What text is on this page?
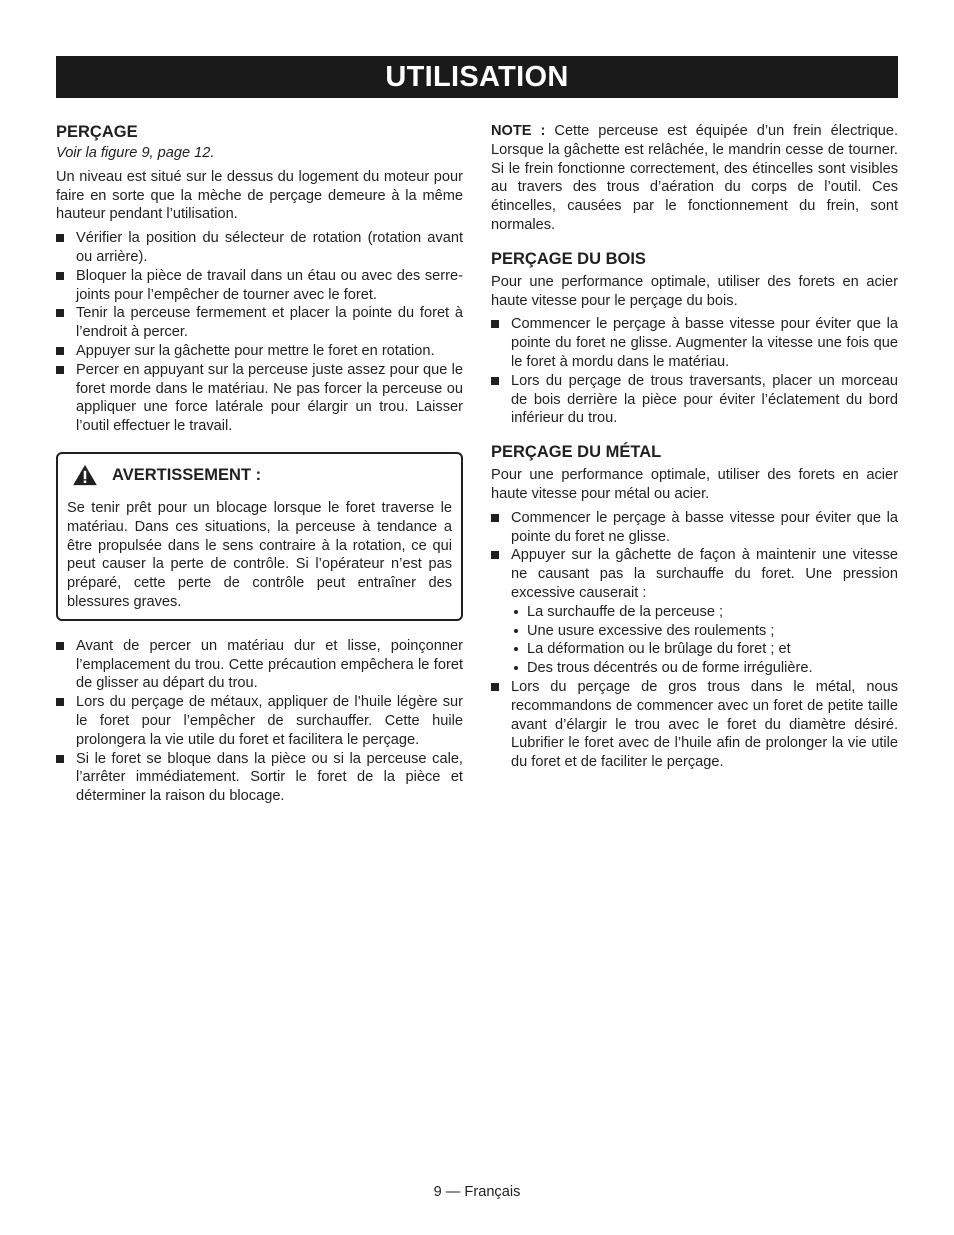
UTILISATION
PERÇAGE
Voir la figure 9, page 12.

Un niveau est situé sur le dessus du logement du moteur pour faire en sorte que la mèche de perçage demeure à la même hauteur pendant l’utilisation.

Vérifier la position du sélecteur de rotation (rotation avant ou arrière).
Bloquer la pièce de travail dans un étau ou avec des serre-joints pour l’empêcher de tourner avec le foret.
Tenir la perceuse fermement et placer la pointe du foret à l’endroit à percer.
Appuyer sur la gâchette pour mettre le foret en rotation.
Percer en appuyant sur la perceuse juste assez pour que le foret morde dans le matériau. Ne pas forcer la perceuse ou appliquer une force latérale pour élargir un trou. Laisser l’outil effectuer le travail.
AVERTISSEMENT :

Se tenir prêt pour un blocage lorsque le foret traverse le matériau. Dans ces situations, la perceuse à tendance a être propulsée dans le sens contraire à la rotation, ce qui peut causer la perte de contrôle. Si l’opérateur n’est pas préparé, cette perte de contrôle peut entraîner des blessures graves.

Avant de percer un matériau dur et lisse, poinçonner l’emplacement du trou. Cette précaution empêchera le foret de glisser au départ du trou.
Lors du perçage de métaux, appliquer de l’huile légère sur le foret pour l’empêcher de surchauffer. Cette huile prolongera la vie utile du foret et facilitera le perçage.
Si le foret se bloque dans la pièce ou si la perceuse cale, l’arrêter immédiatement. Sortir le foret de la pièce et déterminer la raison du blocage.

NOTE : Cette perceuse est équipée d’un frein électrique. Lorsque la gâchette est relâchée, le mandrin cesse de tourner. Si le frein fonctionne correctement, des étincelles sont visibles au travers des trous d’aération du corps de l’outil. Ces étincelles, causées par le fonctionnement du frein, sont normales.

PERÇAGE DU BOIS

Pour une performance optimale, utiliser des forets en acier haute vitesse pour le perçage du bois.

Commencer le perçage à basse vitesse pour éviter que la pointe du foret ne glisse. Augmenter la vitesse une fois que le foret à mordu dans le matériau.
Lors du perçage de trous traversants, placer un morceau de bois derrière la pièce pour éviter l’éclatement du bord inférieur du trou.
PERÇAGE DU MÉTAL

Pour une performance optimale, utiliser des forets en acier haute vitesse pour métal ou acier.

Commencer le perçage à basse vitesse pour éviter que la pointe du foret ne glisse.
Appuyer sur la gâchette de façon à maintenir une vitesse ne causant pas la surchauffe du foret. Une pression excessive causerait :
La surchauffe de la perceuse ;
Une usure excessive des roulements ;
La déformation ou le brûlage du foret ; et
Des trous décentrés ou de forme irrégulière.
Lors du perçage de gros trous dans le métal, nous recommandons de commencer avec un foret de petite taille avant d’élargir le trou avec le foret du diamètre désiré. Lubrifier le foret avec de l’huile afin de prolonger la vie utile du foret et de faciliter le perçage.
9 — Français
